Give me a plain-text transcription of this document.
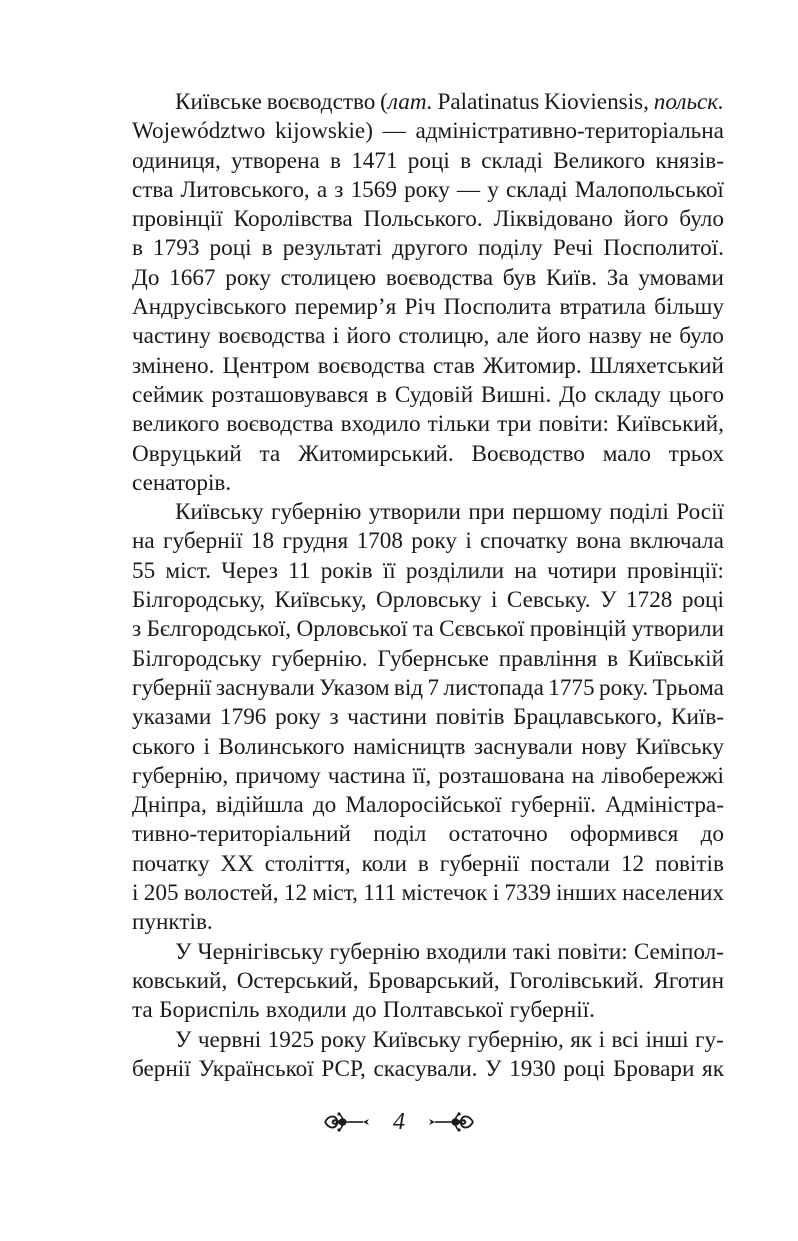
Київське воєводство (лат. Palatinatus Kioviensis, польск.
Województwo kijowskie) — адміністративно-територіальна
одиниця, утворена в 1471 році в складі Великого князів-
ства Литовського, а з 1569 року — у складі Малопольської
провінції Королівства Польського. Ліквідовано його було
в 1793 році в результаті другого поділу Речі Посполитої.
До 1667 року столицею воєводства був Київ. За умовами
Андрусівського перемир’я Річ Посполита втратила більшу
частину воєводства і його столицю, але його назву не було
змінено. Центром воєводства став Житомир. Шляхетський
сеймик розташовувався в Судовій Вишні. До складу цього
великого воєводства входило тільки три повіти: Київський,
Овруцький та Житомирський. Воєводство мало трьох
сенаторів.
Київську губернію утворили при першому поділі Росії
на губернії 18 грудня 1708 року і спочатку вона включала
55 міст. Через 11 років її розділили на чотири провінції:
Білгородську, Київську, Орловську і Севську. У 1728 році
з Бєлгородської, Орловської та Сєвської провінцій утворили
Білгородську губернію. Губернське правління в Київській
губернії заснували Указом від 7 листопада 1775 року. Трьома
указами 1796 року з частини повітів Брацлавського, Київ-
ського і Волинського намісництв заснували нову Київську
губернію, причому частина її, розташована на лівобережжі
Дніпра, відійшла до Малоросійської губернії. Адміністра-
тивно-територіальний поділ остаточно оформився до
початку XX століття, коли в губернії постали 12 повітів
і 205 волостей, 12 міст, 111 містечок і 7339 інших населених
пунктів.
У Чернігівську губернію входили такі повіти: Семіпол-
ковський, Остерський, Броварський, Гоголівський. Яготин
та Бориспіль входили до Полтавської губернії.
У червні 1925 року Київську губернію, як і всі інші гу-
бернії Української РСР, скасували. У 1930 році Бровари як
4
